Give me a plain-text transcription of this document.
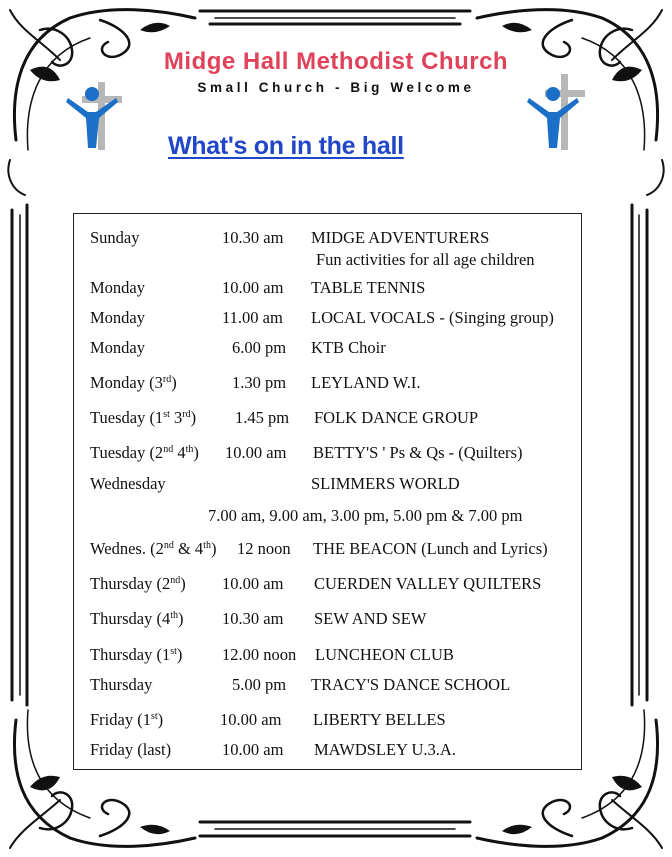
Midge Hall Methodist Church
Small Church - Big Welcome
What's on in the hall
Sunday	10.30 am MIDGE ADVENTURERS
Fun activities for all age children
Monday	10.00 am TABLE TENNIS
Monday	11.00 am LOCAL VOCALS - (Singing group)
Monday	6.00 pm KTB Choir
Monday (3rd)	1.30 pm LEYLAND W.I.
Tuesday (1st 3rd) 1.45 pm FOLK DANCE GROUP
Tuesday (2nd 4th) 10.00 am BETTY'S ' Ps & Qs - (Quilters)
Wednesday	SLIMMERS WORLD
7.00 am, 9.00 am, 3.00 pm, 5.00 pm & 7.00 pm
Wednes. (2nd & 4th) 12 noon THE BEACON (Lunch and Lyrics)
Thursday (2nd) 10.00 am CUERDEN VALLEY QUILTERS
Thursday (4th) 10.30 am SEW AND SEW
Thursday (1st) 12.00 noon LUNCHEON CLUB
Thursday	5.00 pm TRACY'S DANCE SCHOOL
Friday (1st)	10.00 am LIBERTY BELLES
Friday (last)	10.00 am MAWDSLEY U.3.A.
